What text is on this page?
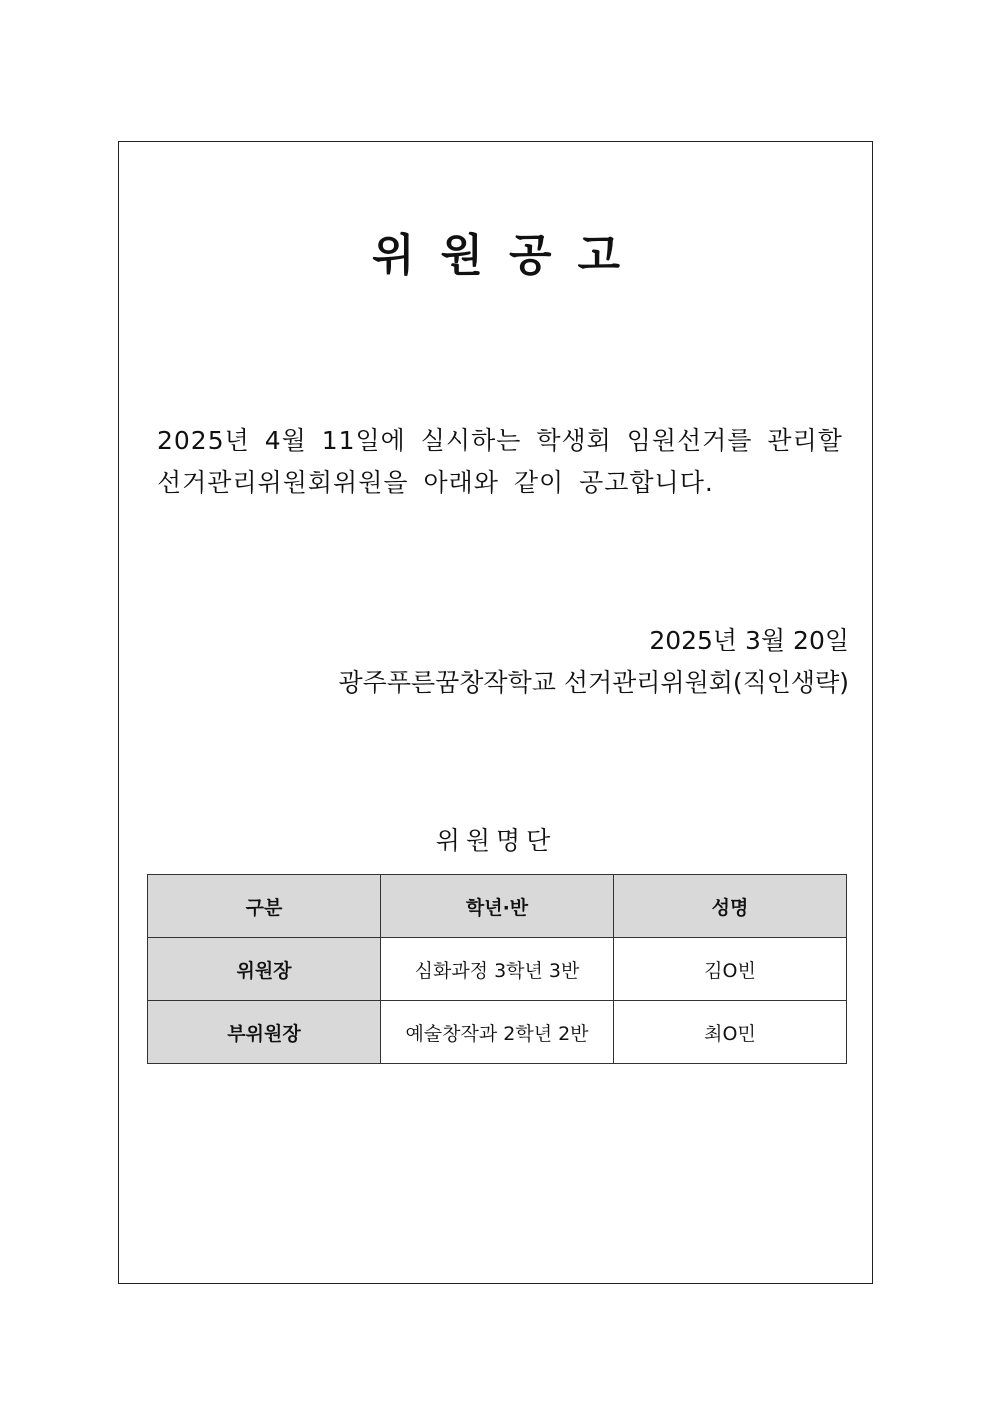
위원공고
2025년 4월 11일에 실시하는 학생회 임원선거를 관리할
선거관리위원회위원을 아래와 같이 공고합니다.
2025년 3월 20일
광주푸른꿈창작학교 선거관리위원회(직인생략)
위원명단
구분	학년·반	성명
위원장	심화과정 3학년 3반	김O빈
부위원장	예술창작과 2학년 2반	최O민
